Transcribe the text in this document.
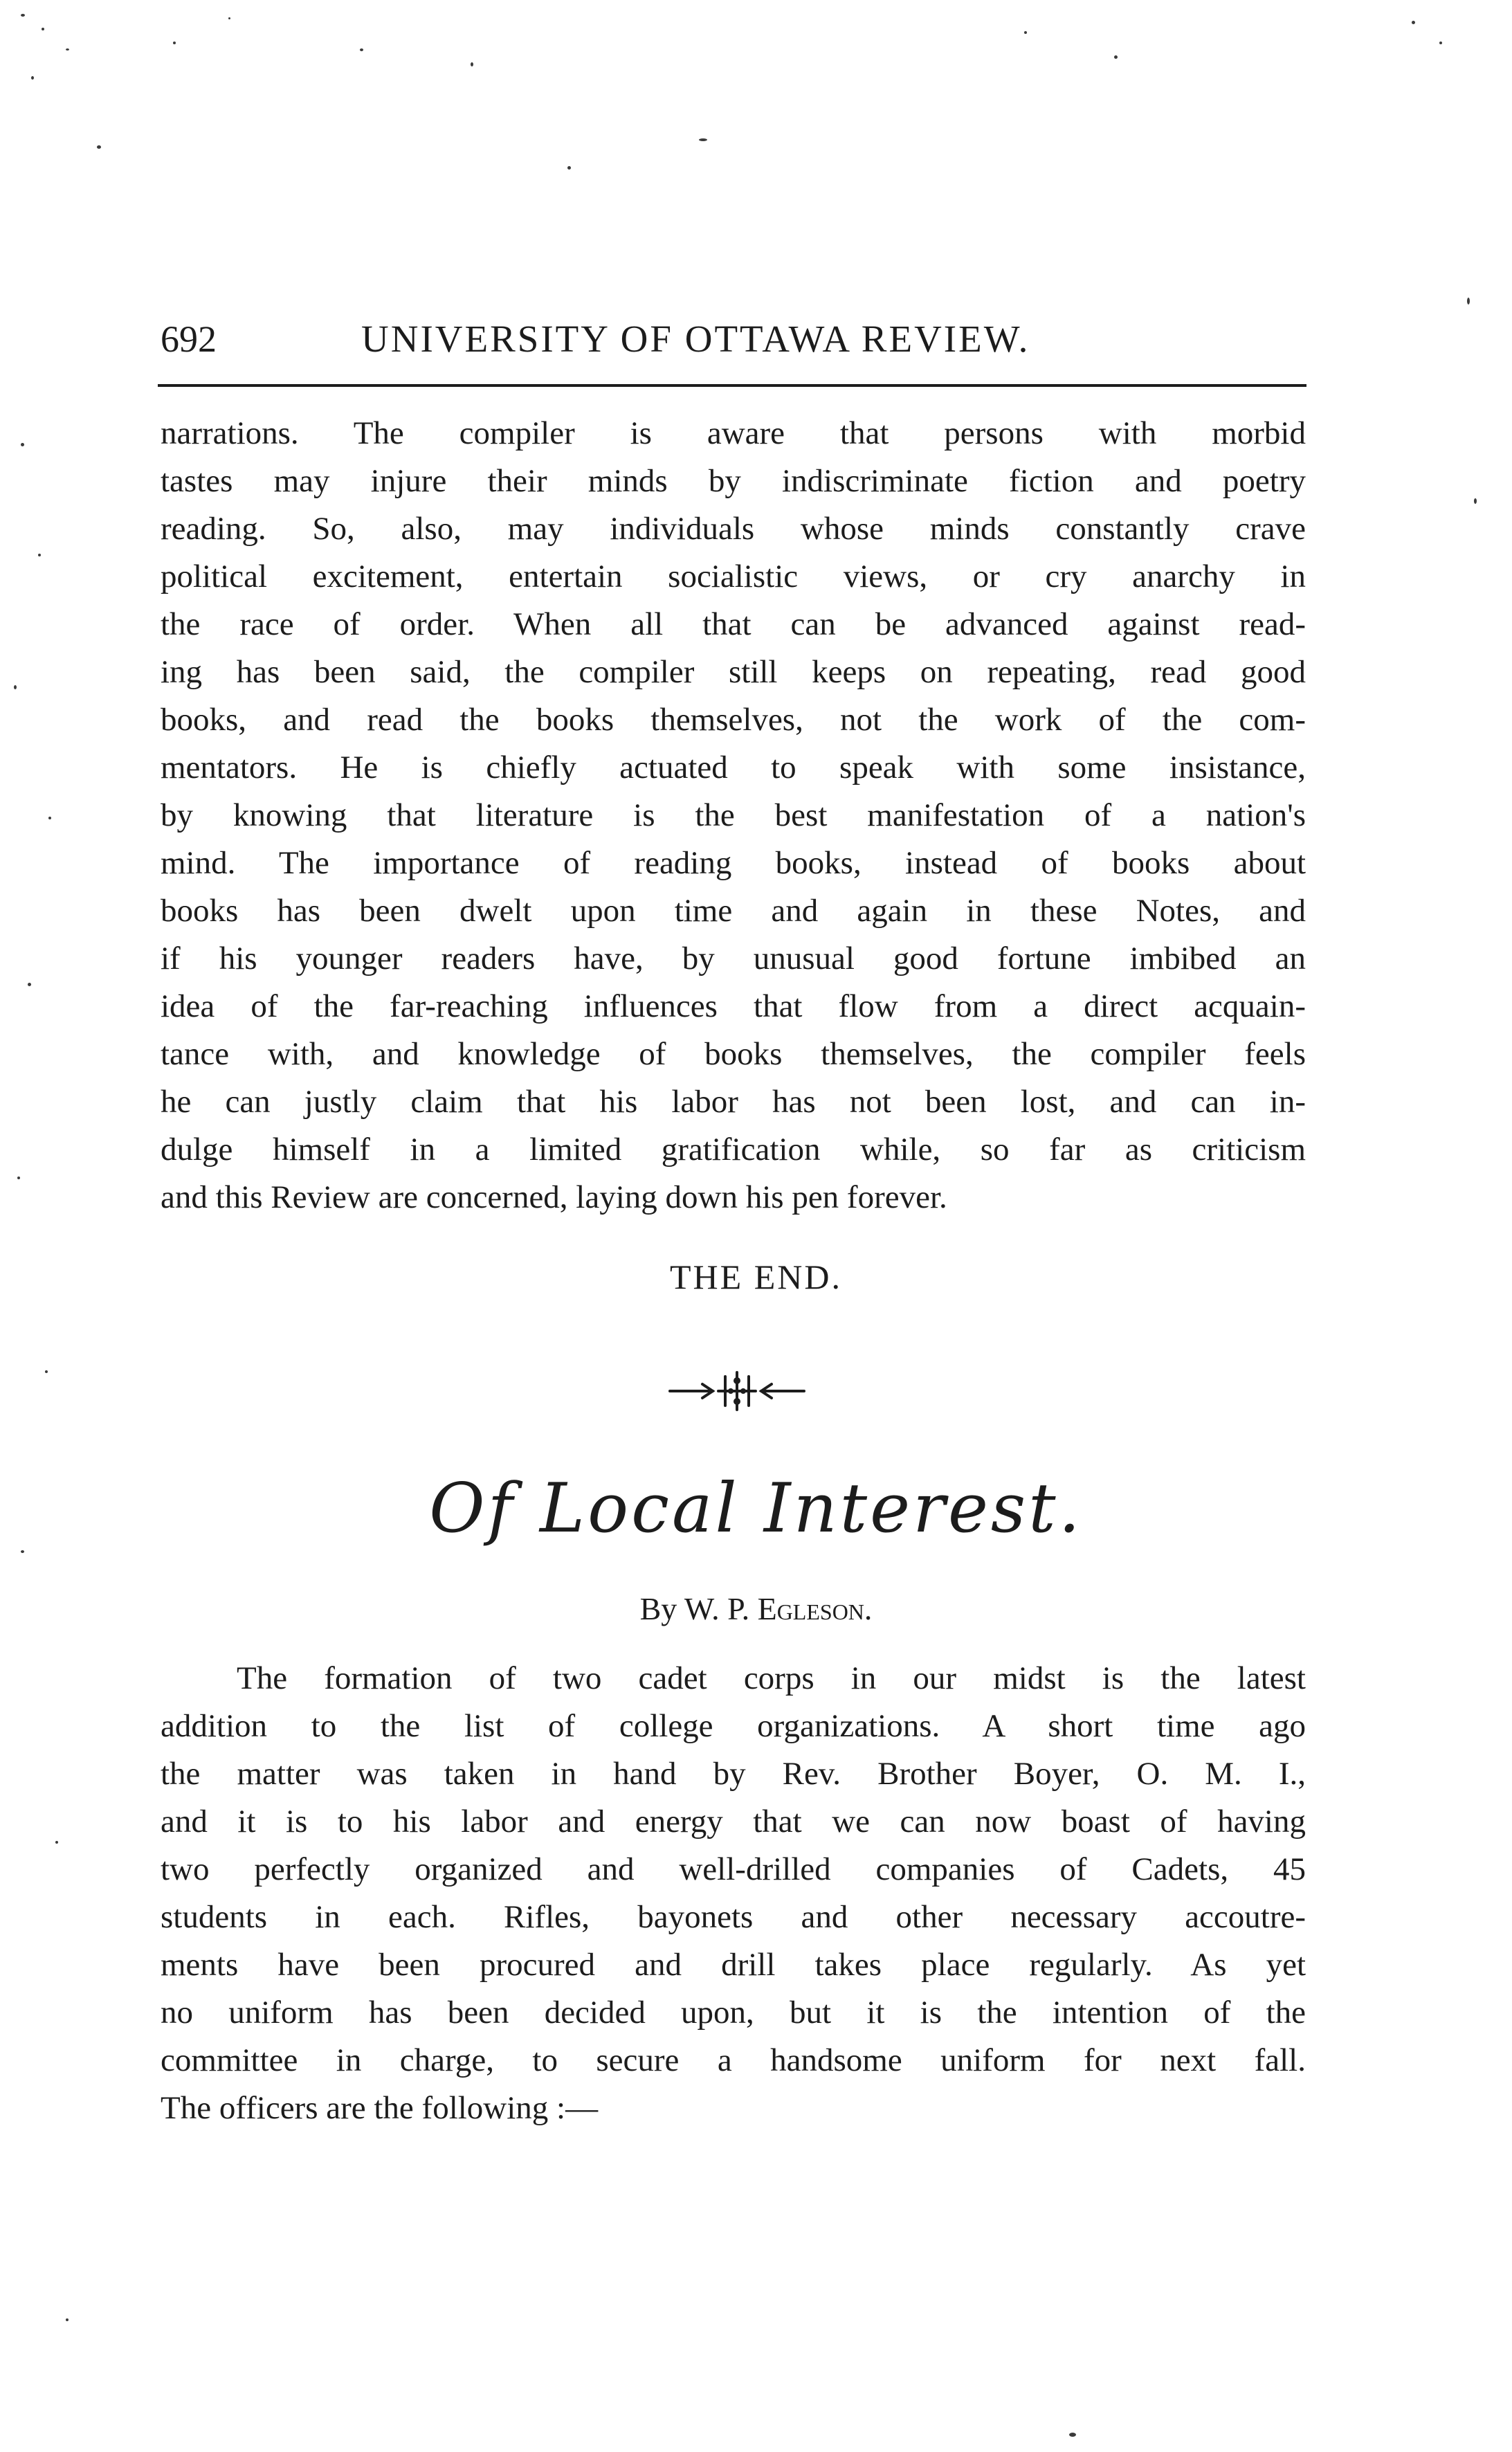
692	UNIVERSITY OF OTTAWA REVIEW.
narrations. The compiler is aware that persons with morbid
tastes may injure their minds by indiscriminate fiction and poetry
reading. So, also, may individuals whose minds constantly crave
political excitement, entertain socialistic views, or cry anarchy in
the race of order. When all that can be advanced against read-
ing has been said, the compiler still keeps on repeating, read good
books, and read the books themselves, not the work of the com-
mentators. He is chiefly actuated to speak with some insistance,
by knowing that literature is the best manifestation of a nation's
mind. The importance of reading books, instead of books about
books has been dwelt upon time and again in these Notes, and
if his younger readers have, by unusual good fortune imbibed an
idea of the far-reaching influences that flow from a direct acquain-
tance with, and knowledge of books themselves, the compiler feels
he can justly claim that his labor has not been lost, and can in-
dulge himself in a limited gratification while, so far as criticism
and this Review are concerned, laying down his pen forever.
THE END.
Of Local Interest.
By W. P. Egleson.
The formation of two cadet corps in our midst is the latest
addition to the list of college organizations. A short time ago
the matter was taken in hand by Rev. Brother Boyer, O. M. I.,
and it is to his labor and energy that we can now boast of having
two perfectly organized and well-drilled companies of Cadets, 45
students in each. Rifles, bayonets and other necessary accoutre-
ments have been procured and drill takes place regularly. As yet
no uniform has been decided upon, but it is the intention of the
committee in charge, to secure a handsome uniform for next fall.
The officers are the following :—
